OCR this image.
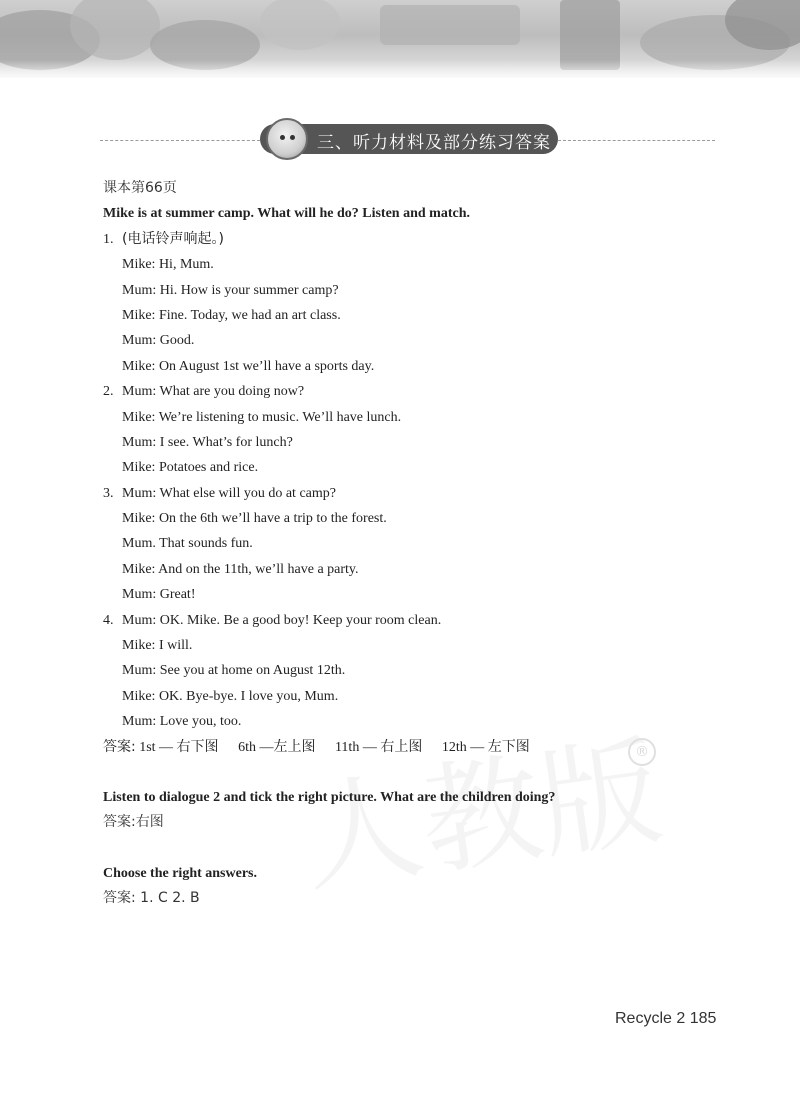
三、听力材料及部分练习答案
®
课本第66页
Mike is at summer camp. What will he do? Listen and match.
1. (电话铃声响起。)
Mike: Hi, Mum.
Mum: Hi. How is your summer camp?
Mike: Fine. Today, we had an art class.
Mum: Good.
Mike: On August 1st we’ll have a sports day.
2. Mum: What are you doing now?
Mike: We’re listening to music. We’ll have lunch.
Mum: I see. What’s for lunch?
Mike: Potatoes and rice.
3. Mum: What else will you do at camp?
Mike: On the 6th we’ll have a trip to the forest.
Mum. That sounds fun.
Mike: And on the 11th, we’ll have a party.
Mum: Great!
4. Mum: OK. Mike. Be a good boy! Keep your room clean.
Mike: I will.
Mum: See you at home on August 12th.
Mike: OK. Bye-bye. I love you, Mum.
Mum: Love you, too.
答案: 1st — 右下图 6th —左上图 11th — 右上图 12th — 左下图
Listen to dialogue 2 and tick the right picture. What are the children doing?
答案:右图
Choose the right answers.
答案: 1. C 2. B
Recycle 2 185
